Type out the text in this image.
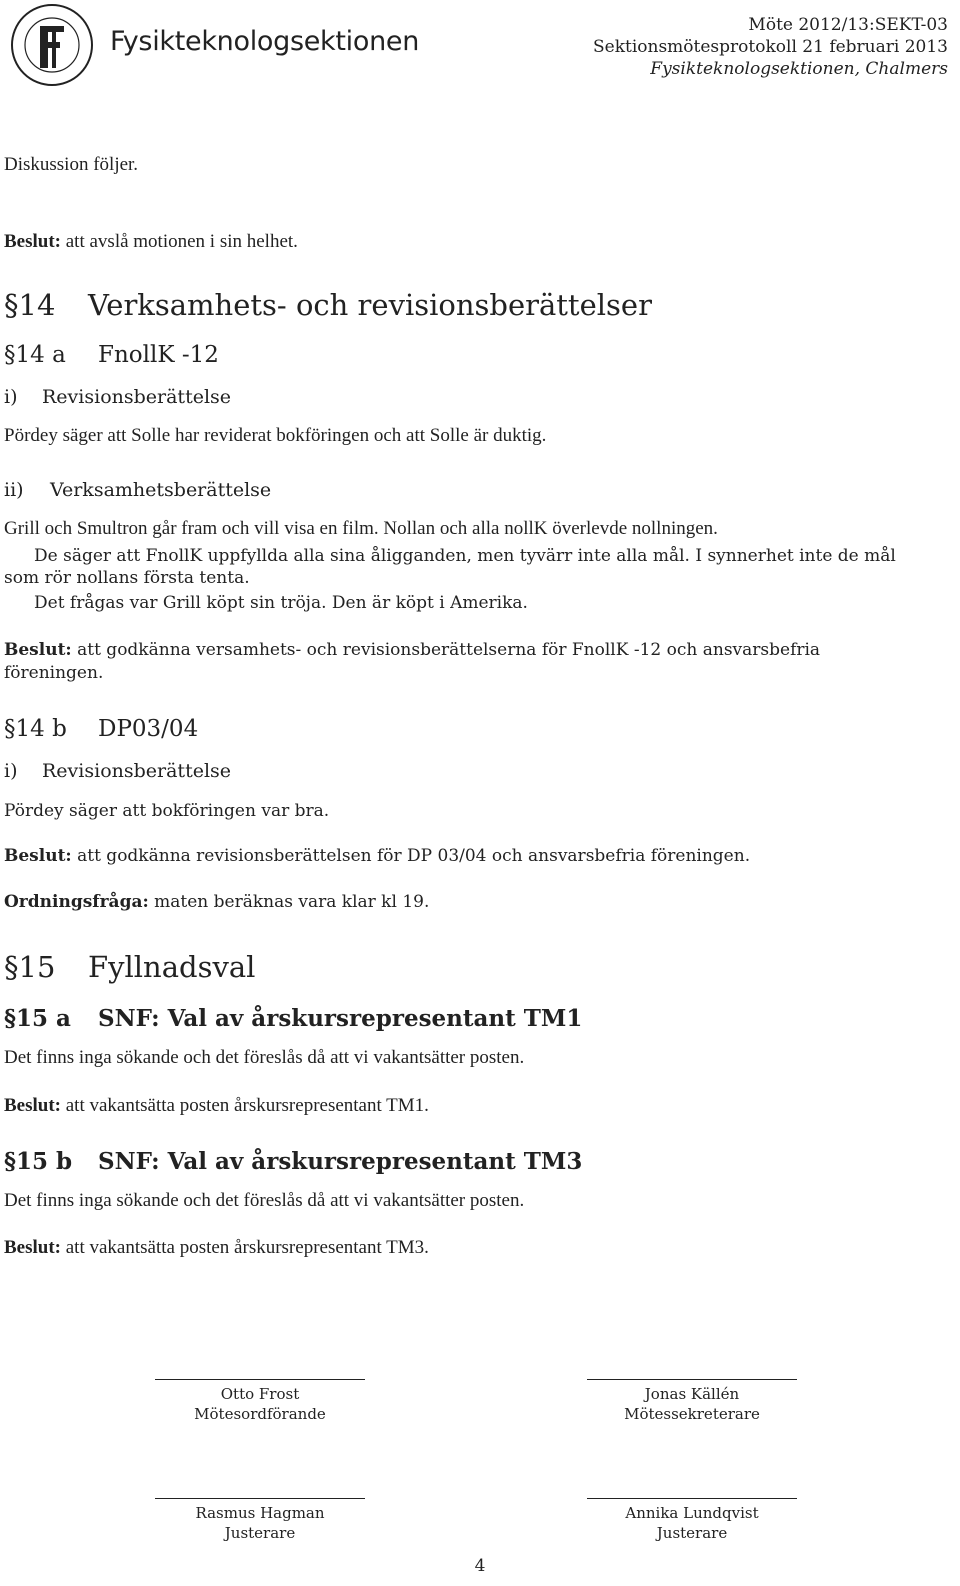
Fysikteknologsektionen
Möte 2012/13:SEKT-03
Sektionsmötesprotokoll 21 februari 2013
Fysikteknologsektionen, Chalmers
Diskussion följer.
Beslut: att avslå motionen i sin helhet.
§14 Verksamhets- och revisionsberättelser
§14 a FnollK -12
i) Revisionsberättelse
Pördey säger att Solle har reviderat bokföringen och att Solle är duktig.
ii) Verksamhetsberättelse
Grill och Smultron går fram och vill visa en film. Nollan och alla nollK överlevde nollningen.
De säger att FnollK uppfyllda alla sina åligganden, men tyvärr inte alla mål. I synnerhet inte de mål
som rör nollans första tenta.
Det frågas var Grill köpt sin tröja. Den är köpt i Amerika.
Beslut: att godkänna versamhets- och revisionsberättelserna för FnollK -12 och ansvarsbefria
föreningen.
§14 b DP03/04
i) Revisionsberättelse
Pördey säger att bokföringen var bra.
Beslut: att godkänna revisionsberättelsen för DP 03/04 och ansvarsbefria föreningen.
Ordningsfråga: maten beräknas vara klar kl 19.
§15 Fyllnadsval
§15 a SNF: Val av årskursrepresentant TM1
Det finns inga sökande och det föreslås då att vi vakantsätter posten.
Beslut: att vakantsätta posten årskursrepresentant TM1.
§15 b SNF: Val av årskursrepresentant TM3
Det finns inga sökande och det föreslås då att vi vakantsätter posten.
Beslut: att vakantsätta posten årskursrepresentant TM3.
Otto Frost
Mötesordförande
Jonas Källén
Mötessekreterare
Rasmus Hagman
Justerare
Annika Lundqvist
Justerare
4
